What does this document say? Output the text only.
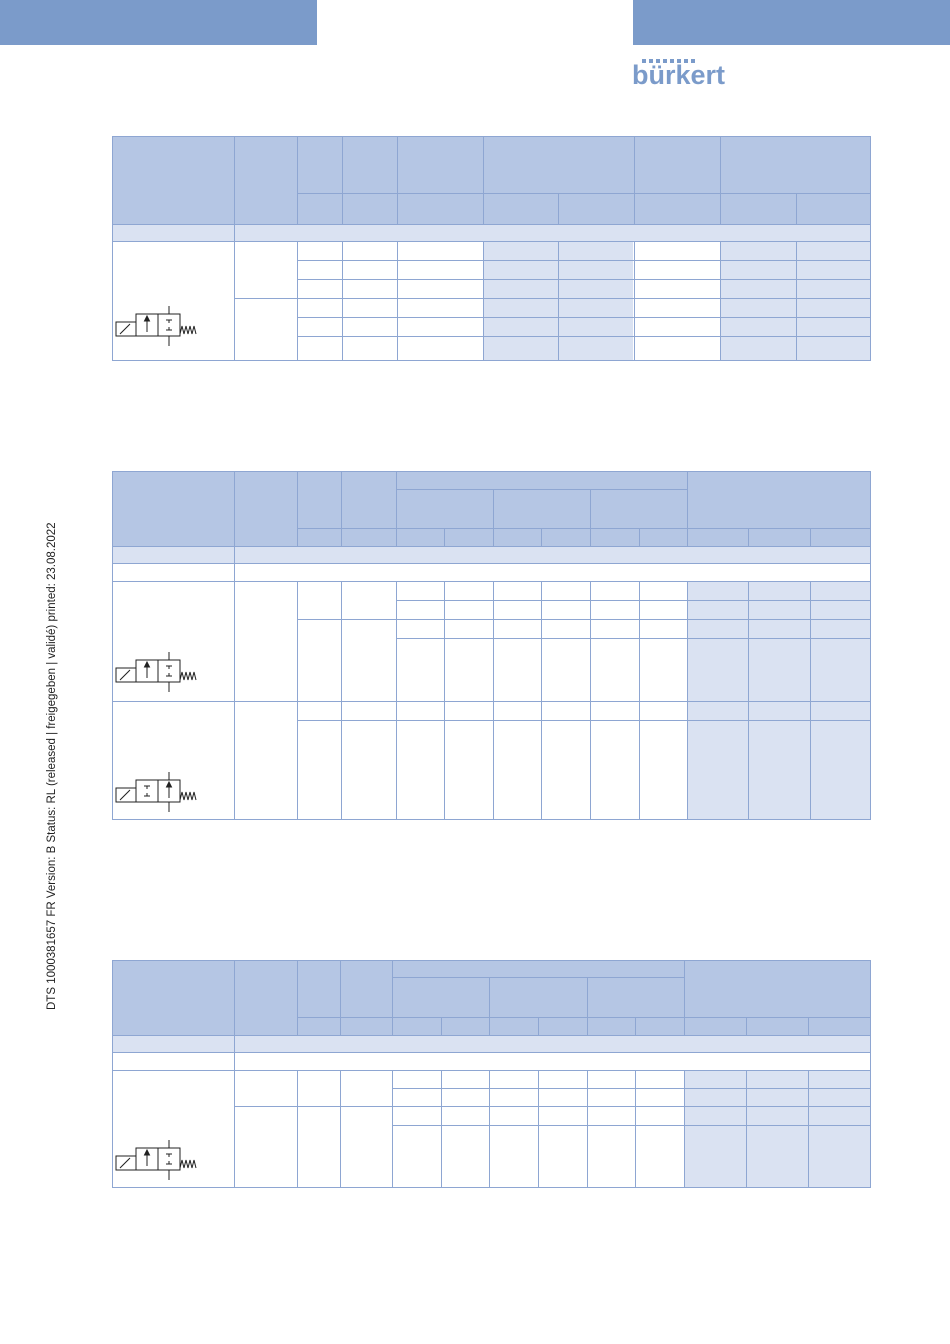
bürkert
DTS 1000381657 FR Version: B Status: RL (released | freigegeben | validé) printed: 23.08.2022
